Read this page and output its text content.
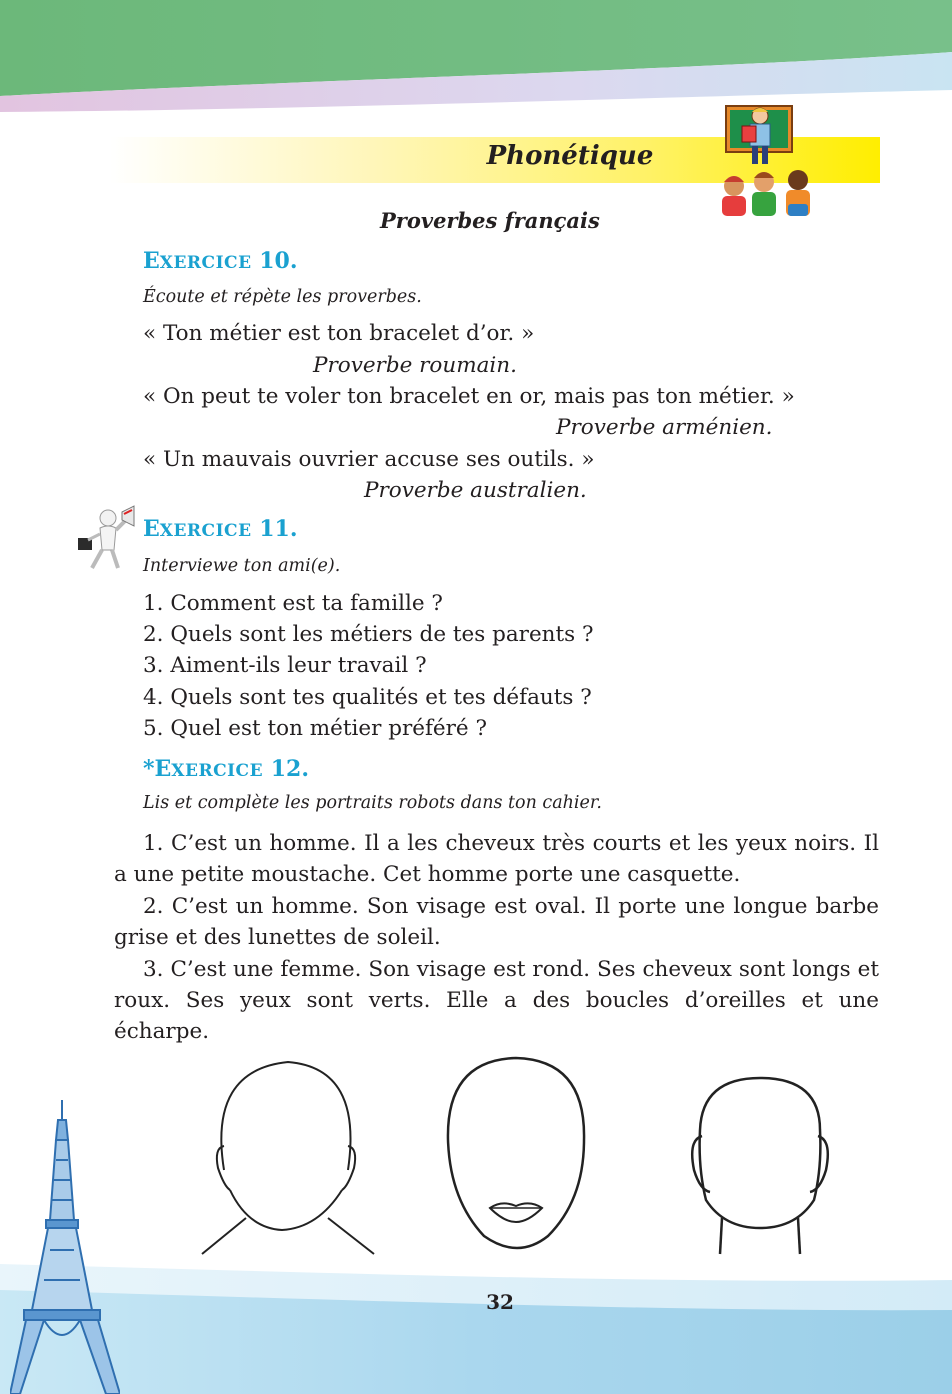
Phonétique
Proverbes français
EXERCICE 10.
Écoute et répète les proverbes.
« Ton métier est ton bracelet d’or. »
Proverbe roumain.
« On peut te voler ton bracelet en or, mais pas ton métier. »
Proverbe arménien.
« Un mauvais ouvrier accuse ses outils. »
Proverbe australien.
EXERCICE 11.
Interviewe ton ami(e).
1. Comment est ta famille ?
2. Quels sont les métiers de tes parents ?
3. Aiment-ils leur travail ?
4. Quels sont tes qualités et tes défauts ?
5. Quel est ton métier préféré ?
*EXERCICE 12.
Lis et complète les portraits robots dans ton cahier.
1. C’est un homme. Il a les cheveux très courts et les yeux noirs. Il a une petite moustache. Cet homme porte une casquette.
2. C’est un homme. Son visage est oval. Il porte une longue barbe grise et des lunettes de soleil.
3. C’est une femme. Son visage est rond. Ses cheveux sont longs et roux. Ses yeux sont verts. Elle a des boucles d’oreilles et une écharpe.
32
